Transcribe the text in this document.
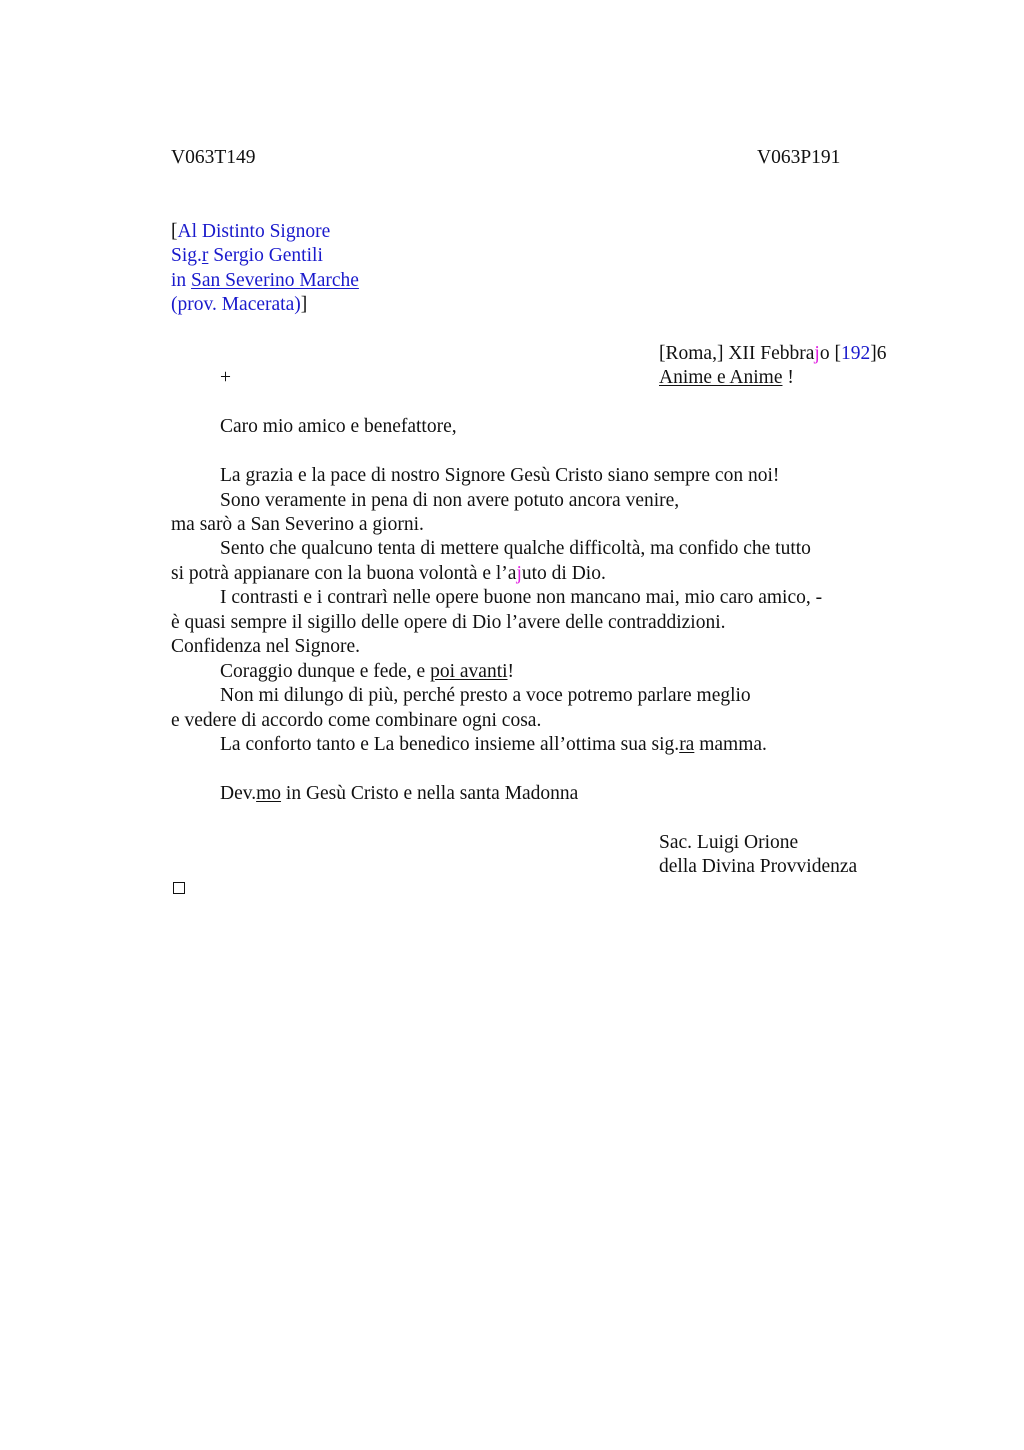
V063T149	V063P191
[Al Distinto Signore
Sig.r Sergio Gentili
in San Severino Marche
(prov. Macerata)]
[Roma,] XII Febbrajo [192]6
+	Anime e Anime !
Caro mio amico e benefattore,
La grazia e la pace di nostro Signore Gesù Cristo siano sempre con noi!
Sono veramente in pena di non avere potuto ancora venire,
ma sarò a San Severino a giorni.
Sento che qualcuno tenta di mettere qualche difficoltà, ma confido che tutto
si potrà appianare con la buona volontà e l’ajuto di Dio.
I contrasti e i contrarì nelle opere buone non mancano mai, mio caro amico, -
è quasi sempre il sigillo delle opere di Dio l’avere delle contraddizioni.
Confidenza nel Signore.
Coraggio dunque e fede, e poi avanti!
Non mi dilungo di più, perché presto a voce potremo parlare meglio
e vedere di accordo come combinare ogni cosa.
La conforto tanto e La benedico insieme all’ottima sua sig.ra mamma.
Dev.mo in Gesù Cristo e nella santa Madonna
Sac. Luigi Orione
della Divina Provvidenza
